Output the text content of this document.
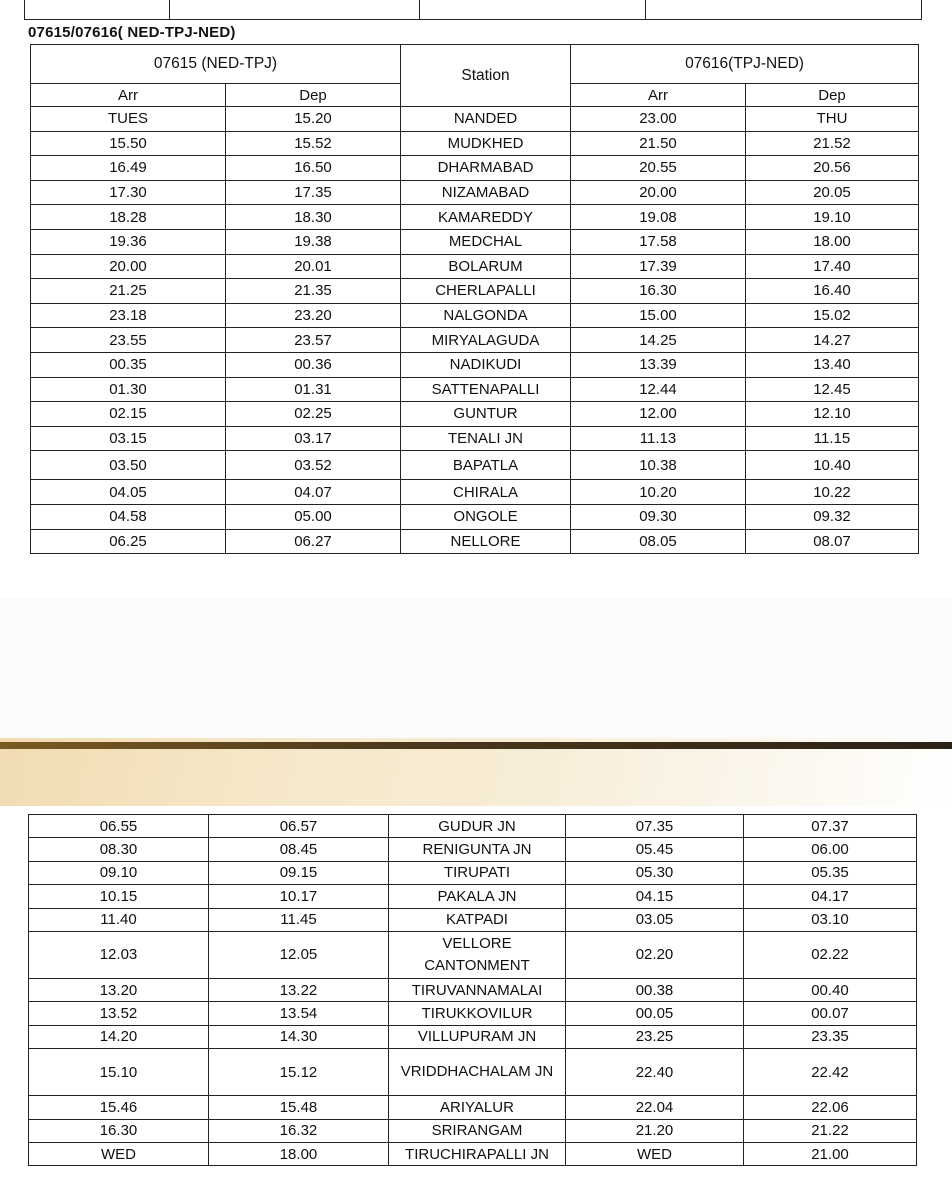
07615/07616( NED-TPJ-NED)
07615 (NED-TPJ)		Station	07616(TPJ-NED)	
Arr	Dep		Arr	Dep
TUES	15.20	NANDED	23.00	THU
15.50	15.52	MUDKHED	21.50	21.52
16.49	16.50	DHARMABAD	20.55	20.56
17.30	17.35	NIZAMABAD	20.00	20.05
18.28	18.30	KAMAREDDY	19.08	19.10
19.36	19.38	MEDCHAL	17.58	18.00
20.00	20.01	BOLARUM	17.39	17.40
21.25	21.35	CHERLAPALLI	16.30	16.40
23.18	23.20	NALGONDA	15.00	15.02
23.55	23.57	MIRYALAGUDA	14.25	14.27
00.35	00.36	NADIKUDI	13.39	13.40
01.30	01.31	SATTENAPALLI	12.44	12.45
02.15	02.25	GUNTUR	12.00	12.10
03.15	03.17	TENALI JN	11.13	11.15
03.50	03.52	BAPATLA	10.38	10.40
04.05	04.07	CHIRALA	10.20	10.22
04.58	05.00	ONGOLE	09.30	09.32
06.25	06.27	NELLORE	08.05	08.07
06.55	06.57	GUDUR JN	07.35	07.37
08.30	08.45	RENIGUNTA JN	05.45	06.00
09.10	09.15	TIRUPATI	05.30	05.35
10.15	10.17	PAKALA JN	04.15	04.17
11.40	11.45	KATPADI	03.05	03.10
12.03	12.05	VELLORE CANTONMENT	02.20	02.22
13.20	13.22	TIRUVANNAMALAI	00.38	00.40
13.52	13.54	TIRUKKOVILUR	00.05	00.07
14.20	14.30	VILLUPURAM JN	23.25	23.35
15.10	15.12	VRIDDHACHALAM JN	22.40	22.42
15.46	15.48	ARIYALUR	22.04	22.06
16.30	16.32	SRIRANGAM	21.20	21.22
WED	18.00	TIRUCHIRAPALLI JN	WED	21.00
